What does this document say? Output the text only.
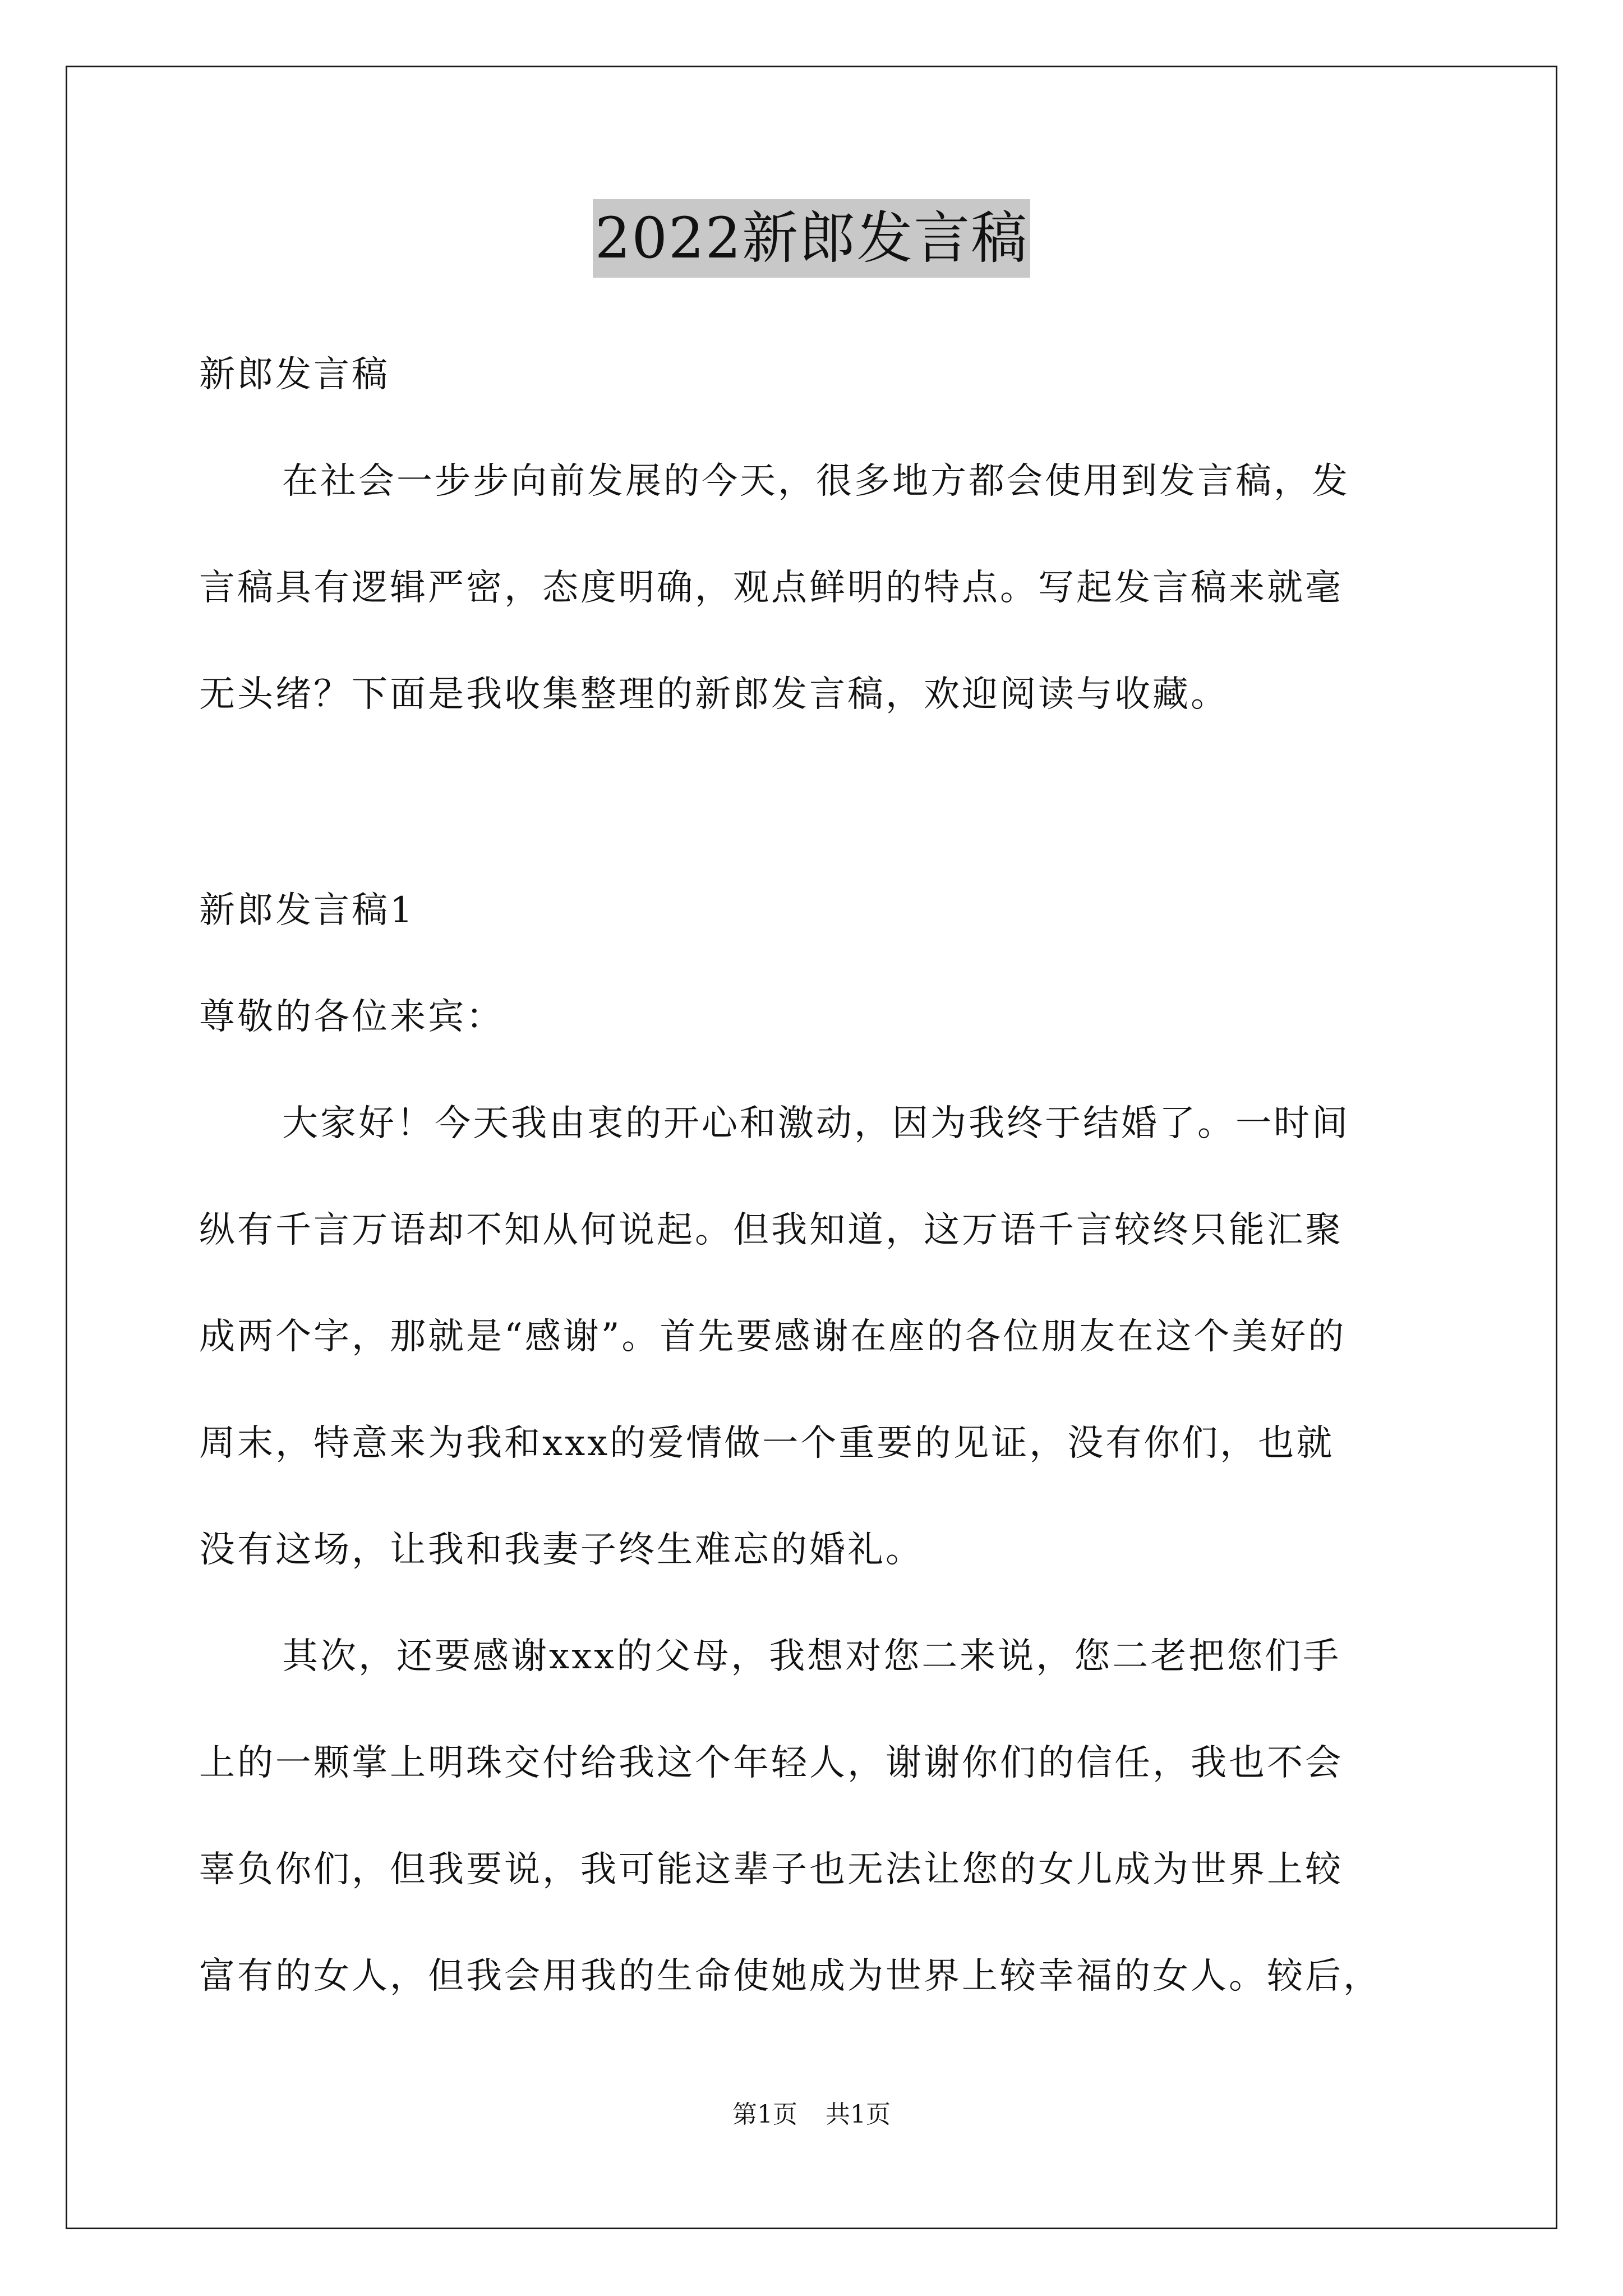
2022新郎发言稿
新郎发言稿
在社会一步步向前发展的今天，很多地方都会使用到发言稿，发
言稿具有逻辑严密，态度明确，观点鲜明的特点。写起发言稿来就毫
无头绪？下面是我收集整理的新郎发言稿，欢迎阅读与收藏。
新郎发言稿1
尊敬的各位来宾：
大家好！今天我由衷的开心和激动，因为我终于结婚了。一时间
纵有千言万语却不知从何说起。但我知道，这万语千言较终只能汇聚
成两个字，那就是“感谢”。首先要感谢在座的各位朋友在这个美好的
周末，特意来为我和xxx的爱情做一个重要的见证，没有你们，也就
没有这场，让我和我妻子终生难忘的婚礼。
其次，还要感谢xxx的父母，我想对您二来说，您二老把您们手
上的一颗掌上明珠交付给我这个年轻人，谢谢你们的信任，我也不会
辜负你们，但我要说，我可能这辈子也无法让您的女儿成为世界上较
富有的女人，但我会用我的生命使她成为世界上较幸福的女人。较后，
第1页 共1页
